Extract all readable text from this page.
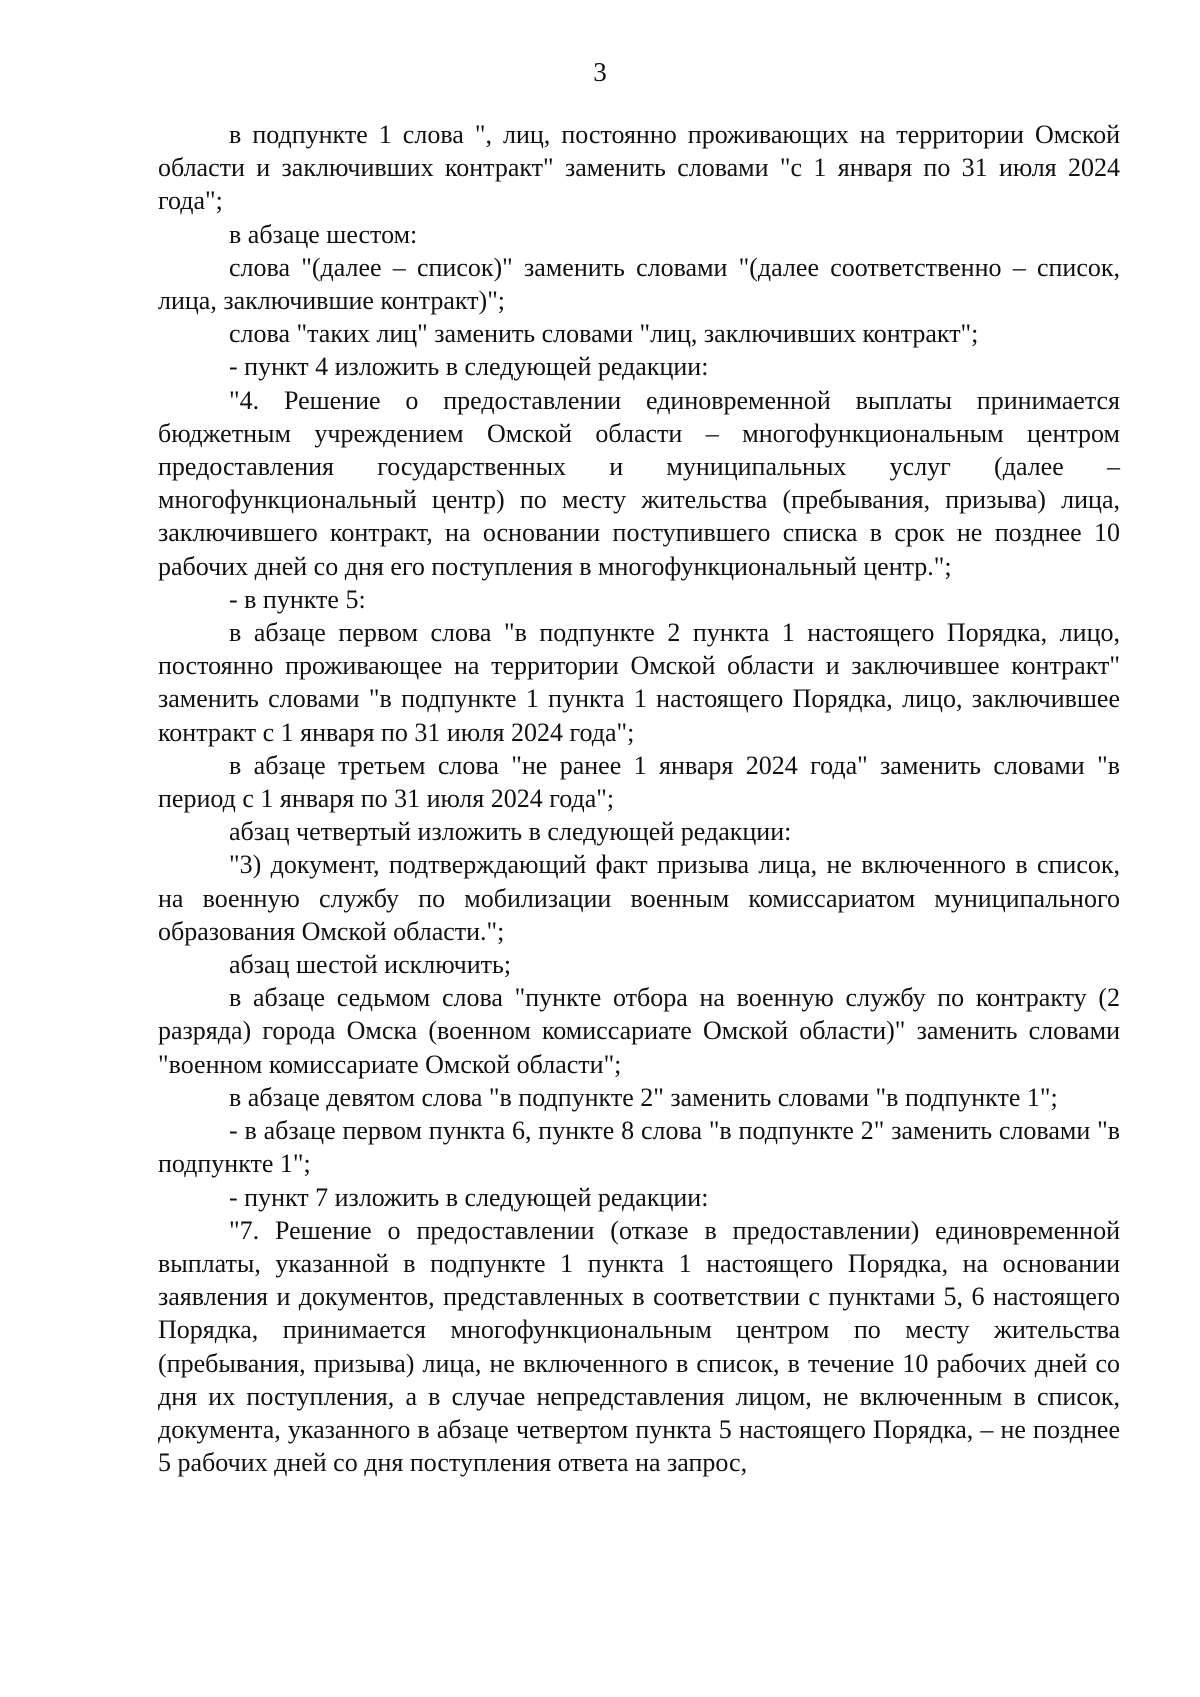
3

в подпункте 1 слова ", лиц, постоянно проживающих на территории Омской области и заключивших контракт" заменить словами "с 1 января по 31 июля 2024 года";

в абзаце шестом:

слова "(далее – список)" заменить словами "(далее соответственно – список, лица, заключившие контракт)";

слова "таких лиц" заменить словами "лиц, заключивших контракт";

- пункт 4 изложить в следующей редакции:

"4. Решение о предоставлении единовременной выплаты принимается бюджетным учреждением Омской области – многофункциональным центром предоставления государственных и муниципальных услуг (далее – многофункциональный центр) по месту жительства (пребывания, призыва) лица, заключившего контракт, на основании поступившего списка в срок не позднее 10 рабочих дней со дня его поступления в многофункциональный центр.";

- в пункте 5:

в абзаце первом слова "в подпункте 2 пункта 1 настоящего Порядка, лицо, постоянно проживающее на территории Омской области и заключившее контракт" заменить словами "в подпункте 1 пункта 1 настоящего Порядка, лицо, заключившее контракт с 1 января по 31 июля 2024 года";

в абзаце третьем слова "не ранее 1 января 2024 года" заменить словами "в период с 1 января по 31 июля 2024 года";

абзац четвертый изложить в следующей редакции:

"3) документ, подтверждающий факт призыва лица, не включенного в список, на военную службу по мобилизации военным комиссариатом муниципального образования Омской области.";

абзац шестой исключить;

в абзаце седьмом слова "пункте отбора на военную службу по контракту (2 разряда) города Омска (военном комиссариате Омской области)" заменить словами "военном комиссариате Омской области";

в абзаце девятом слова "в подпункте 2" заменить словами "в подпункте 1";

- в абзаце первом пункта 6, пункте 8 слова "в подпункте 2" заменить словами "в подпункте 1";

- пункт 7 изложить в следующей редакции:

"7. Решение о предоставлении (отказе в предоставлении) единовременной выплаты, указанной в подпункте 1 пункта 1 настоящего Порядка, на основании заявления и документов, представленных в соответствии с пунктами 5, 6 настоящего Порядка, принимается многофункциональным центром по месту жительства (пребывания, призыва) лица, не включенного в список, в течение 10 рабочих дней со дня их поступления, а в случае непредставления лицом, не включенным в список, документа, указанного в абзаце четвертом пункта 5 настоящего Порядка, – не позднее 5 рабочих дней со дня поступления ответа на запрос,
